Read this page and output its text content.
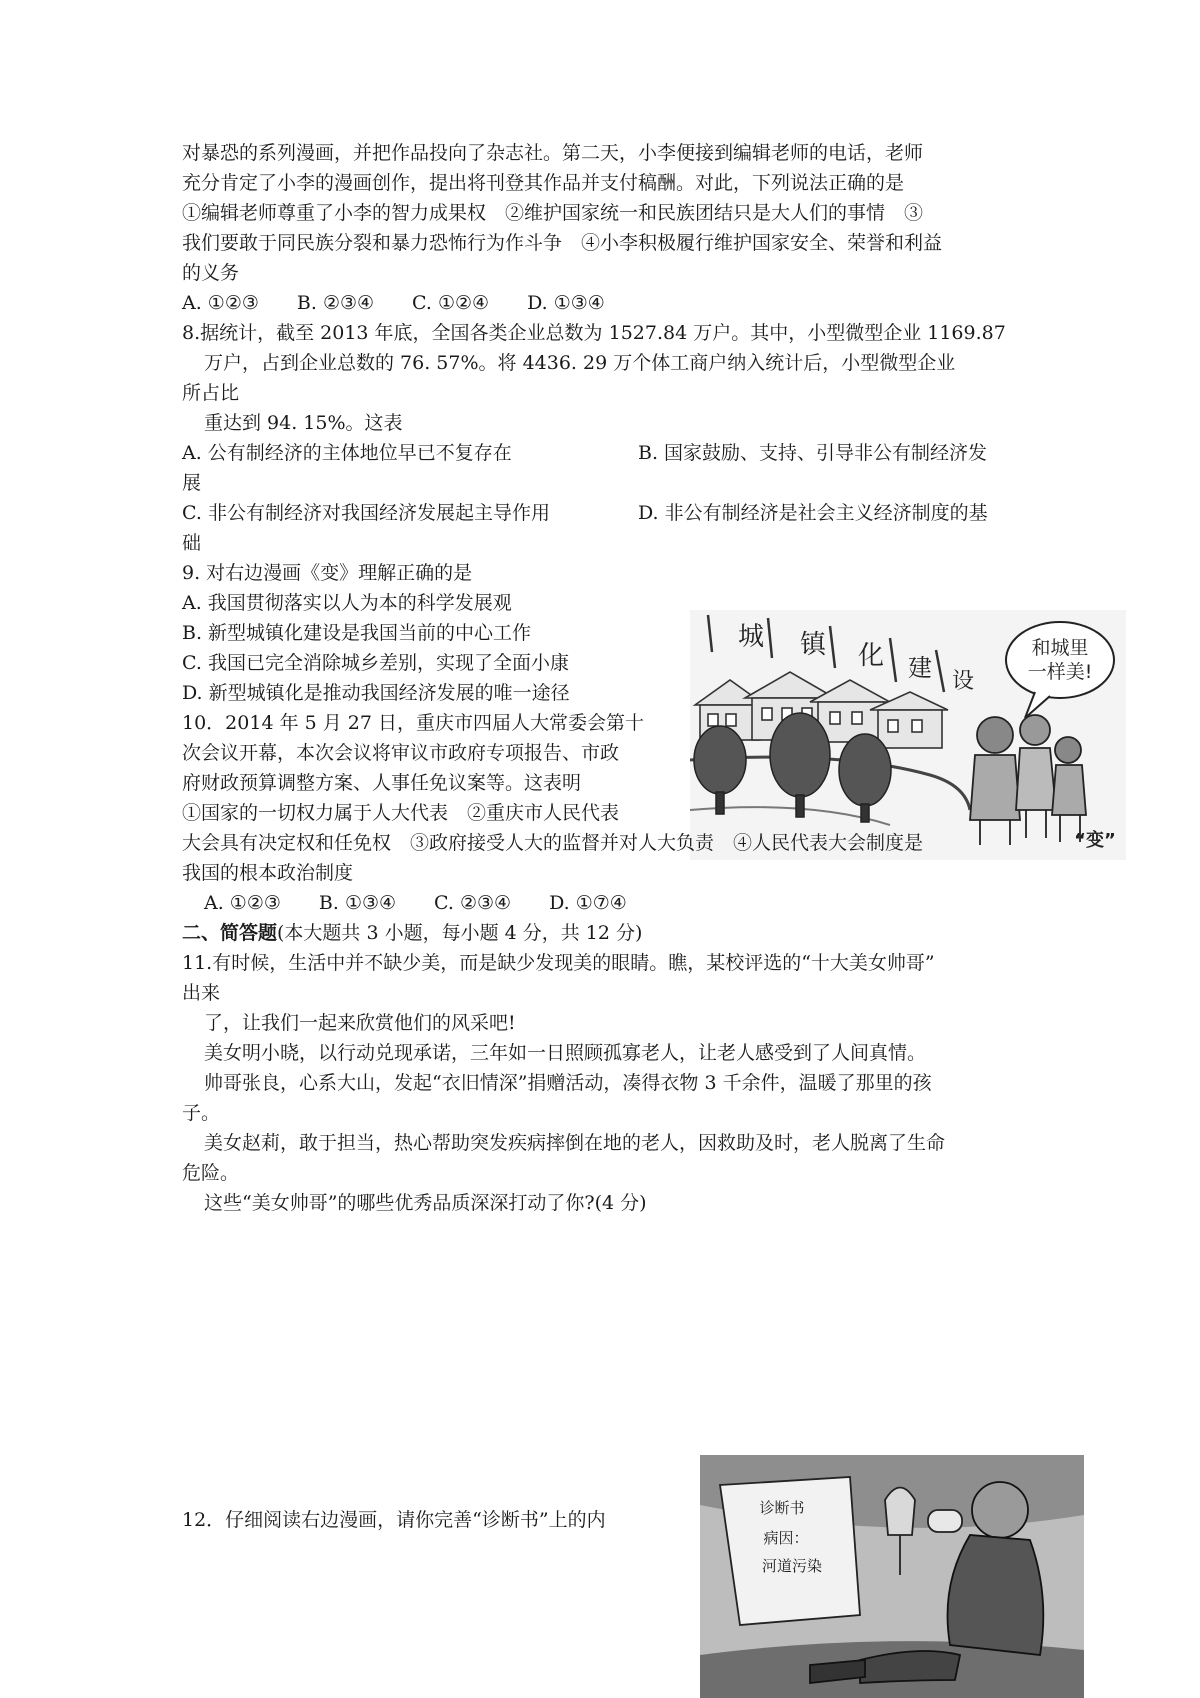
对暴恐的系列漫画，并把作品投向了杂志社。第二天，小李便接到编辑老师的电话，老师
充分肯定了小李的漫画创作，提出将刊登其作品并支付稿酬。对此，下列说法正确的是
①编辑老师尊重了小李的智力成果权　②维护国家统一和民族团结只是大人们的事情　③
我们要敢于同民族分裂和暴力恐怖行为作斗争　④小李积极履行维护国家安全、荣誉和利益
的义务
A. ①②③　　B. ②③④　　C. ①②④　　D. ①③④
8.据统计，截至 2013 年底，全国各类企业总数为 1527.84 万户。其中，小型微型企业 1169.87
万户，占到企业总数的 76. 57%。将 4436. 29 万个体工商户纳入统计后，小型微型企业
所占比
重达到 94. 15%。这表
A. 公有制经济的主体地位早已不复存在	B. 国家鼓励、支持、引导非公有制经济发
展
C. 非公有制经济对我国经济发展起主导作用	D. 非公有制经济是社会主义经济制度的基
础
9. 对右边漫画《变》理解正确的是
A. 我国贯彻落实以人为本的科学发展观
B. 新型城镇化建设是我国当前的中心工作
C. 我国已完全消除城乡差别，实现了全面小康
D. 新型城镇化是推动我国经济发展的唯一途径
城 镇 化 建 设
和城里
一样美!
“变”
10．2014 年 5 月 27 日，重庆市四届人大常委会第十
次会议开幕，本次会议将审议市政府专项报告、市政
府财政预算调整方案、人事任免议案等。这表明
①国家的一切权力属于人大代表　②重庆市人民代表
大会具有决定权和任免权　③政府接受人大的监督并对人大负责　④人民代表大会制度是
我国的根本政治制度
A. ①②③　　B. ①③④　　C. ②③④　　D. ①⑦④
二、简答题(本大题共 3 小题，每小题 4 分，共 12 分)
11.有时候，生活中并不缺少美，而是缺少发现美的眼睛。瞧，某校评选的“十大美女帅哥”
出来
了，让我们一起来欣赏他们的风采吧!
美女明小晓，以行动兑现承诺，三年如一日照顾孤寡老人，让老人感受到了人间真情。
帅哥张良，心系大山，发起“衣旧情深”捐赠活动，凑得衣物 3 千余件，温暖了那里的孩
子。
美女赵莉，敢于担当，热心帮助突发疾病摔倒在地的老人，因救助及时，老人脱离了生命
危险。
这些“美女帅哥”的哪些优秀品质深深打动了你?(4 分)
12．仔细阅读右边漫画，请你完善“诊断书”上的内
诊断书
病因：
河道污染
